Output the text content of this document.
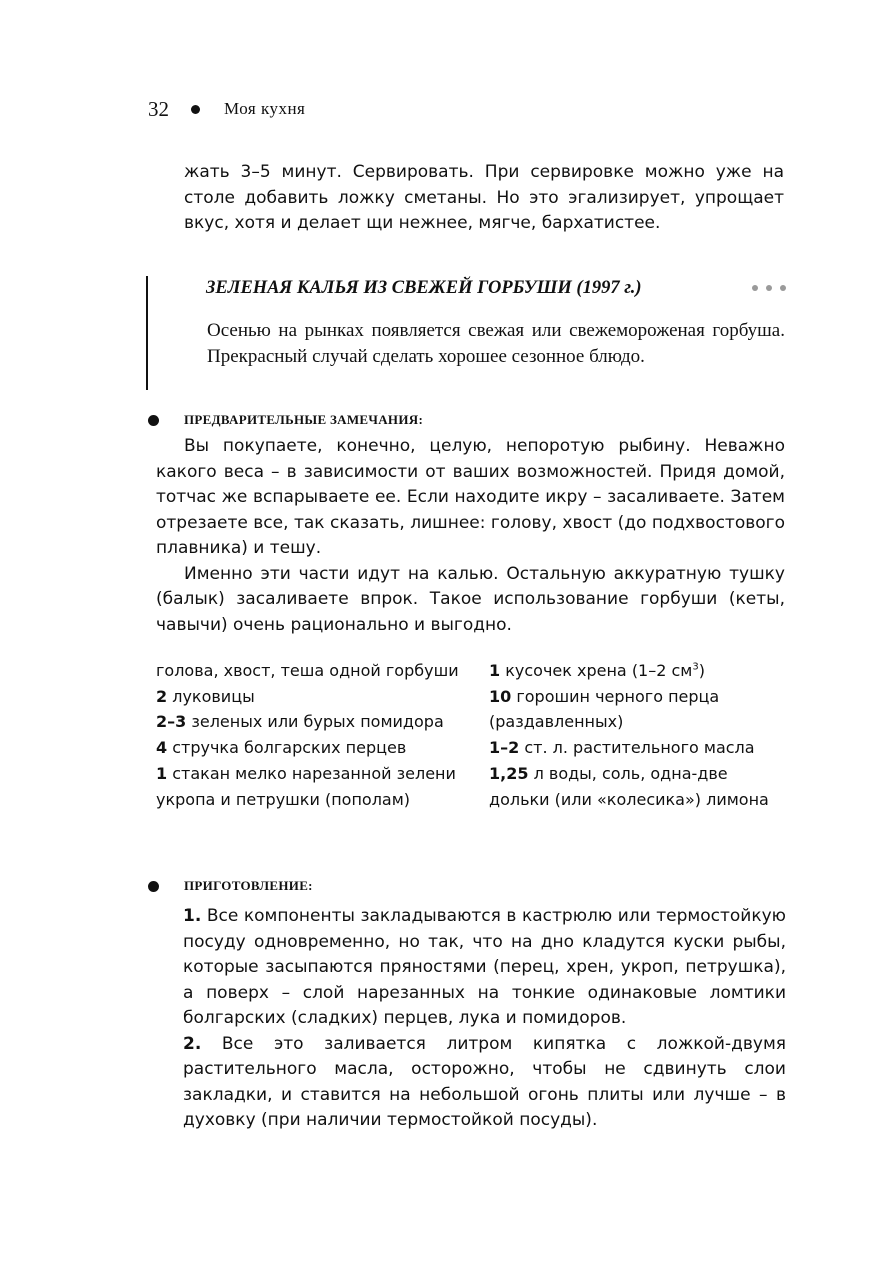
32	Моя кухня

жать 3–5 минут. Сервировать. При сервировке можно уже на столе добавить ложку сметаны. Но это эгализирует, упрощает вкус, хотя и делает щи нежнее, мягче, бархатистее.

ЗЕЛЕНАЯ КАЛЬЯ ИЗ СВЕЖЕЙ ГОРБУШИ (1997 г.)

Осенью на рынках появляется свежая или свежемороженая горбуша. Прекрасный случай сделать хорошее сезонное блюдо.

ПРЕДВАРИТЕЛЬНЫЕ ЗАМЕЧАНИЯ:

Вы покупаете, конечно, целую, непоротую рыбину. Неважно какого веса – в зависимости от ваших возможностей. Придя домой, тотчас же вспарываете ее. Если находите икру – засаливаете. Затем отрезаете все, так сказать, лишнее: голову, хвост (до подхвостового плавника) и тешу.

Именно эти части идут на калью. Остальную аккуратную тушку (балык) засаливаете впрок. Такое использование горбуши (кеты, чавычи) очень рационально и выгодно.

голова, хвост, теша одной горбуши
2 луковицы
2–3 зеленых или бурых помидора
4 стручка болгарских перцев
1 стакан мелко нарезанной зелени укропа и петрушки (пополам)
1 кусочек хрена (1–2 $см^3$)
10 горошин черного перца (раздавленных)
1–2 ст. л. растительного масла
1,25 л воды, соль, одна-две дольки (или «колесика») лимона
ПРИГОТОВЛЕНИЕ:

1. Все компоненты закладываются в кастрюлю или термостойкую посуду одновременно, но так, что на дно кладутся куски рыбы, которые засыпаются пряностями (перец, хрен, укроп, петрушка), а поверх – слой нарезанных на тонкие одинаковые ломтики болгарских (сладких) перцев, лука и помидоров.

2. Все это заливается литром кипятка с ложкой-двумя растительного масла, осторожно, чтобы не сдвинуть слои закладки, и ставится на небольшой огонь плиты или лучше – в духовку (при наличии термостойкой посуды).
